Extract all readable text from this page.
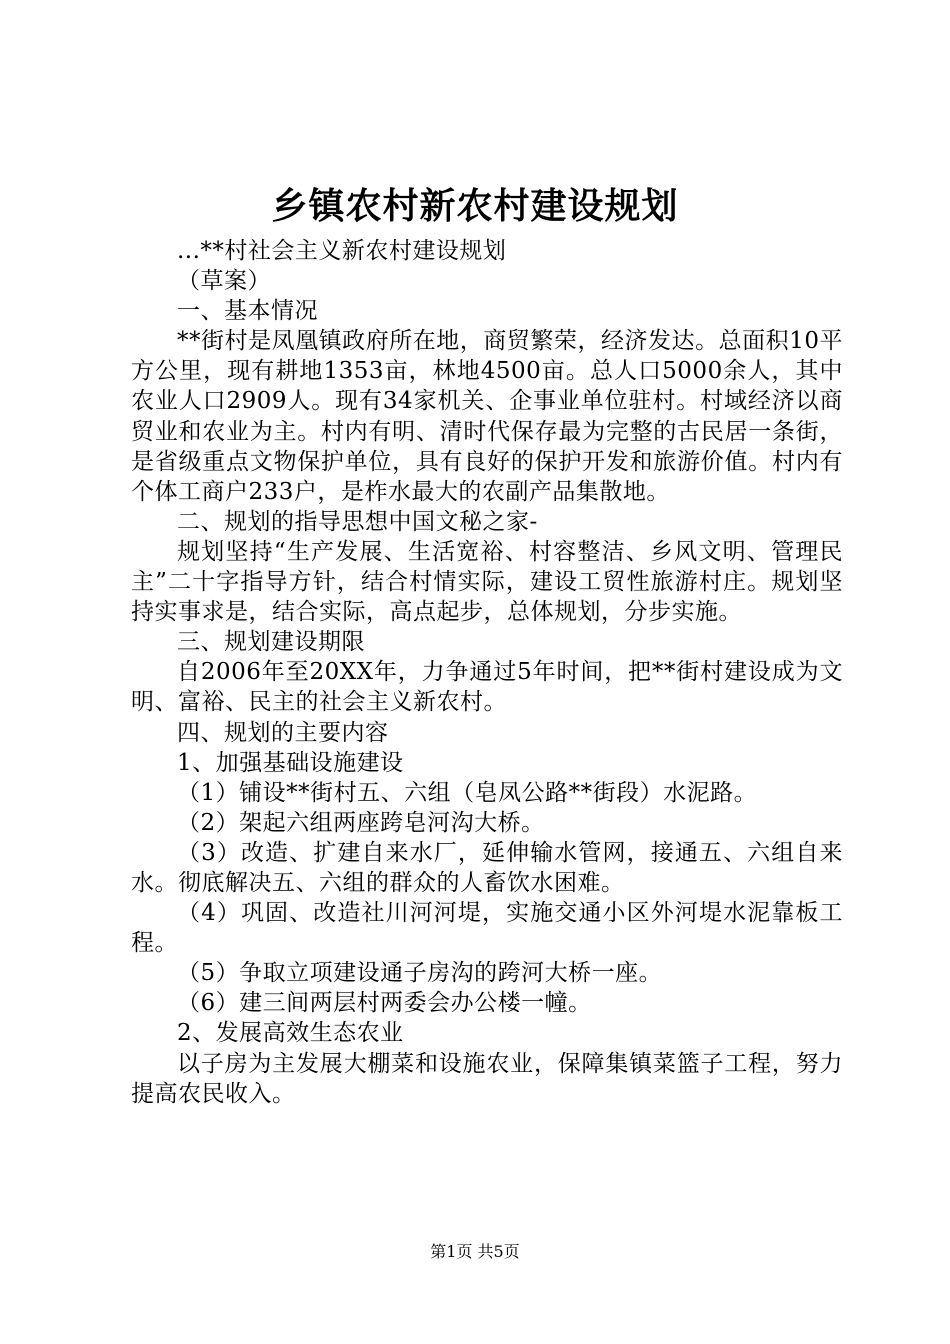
乡镇农村新农村建设规划

...**村社会主义新农村建设规划

（草案）

一、基本情况

**街村是凤凰镇政府所在地，商贸繁荣，经济发达。总面积10平方公里，现有耕地1353亩，林地4500亩。总人口5000余人，其中农业人口2909人。现有34家机关、企事业单位驻村。村域经济以商贸业和农业为主。村内有明、清时代保存最为完整的古民居一条街，是省级重点文物保护单位，具有良好的保护开发和旅游价值。村内有个体工商户233户，是柞水最大的农副产品集散地。

二、规划的指导思想中国文秘之家-

规划坚持“生产发展、生活宽裕、村容整洁、乡风文明、管理民主”二十字指导方针，结合村情实际，建设工贸性旅游村庄。规划坚持实事求是，结合实际，高点起步，总体规划，分步实施。

三、规划建设期限

自2006年至20XX年，力争通过5年时间，把**街村建设成为文明、富裕、民主的社会主义新农村。

四、规划的主要内容

1、加强基础设施建设

（1）铺设**街村五、六组（皂凤公路**街段）水泥路。

（2）架起六组两座跨皂河沟大桥。

（3）改造、扩建自来水厂，延伸输水管网，接通五、六组自来水。彻底解决五、六组的群众的人畜饮水困难。

（4）巩固、改造社川河河堤，实施交通小区外河堤水泥靠板工程。

（5）争取立项建设通子房沟的跨河大桥一座。

（6）建三间两层村两委会办公楼一幢。

2、发展高效生态农业

以子房为主发展大棚菜和设施农业，保障集镇菜篮子工程，努力提高农民收入。

第1页 共5页
